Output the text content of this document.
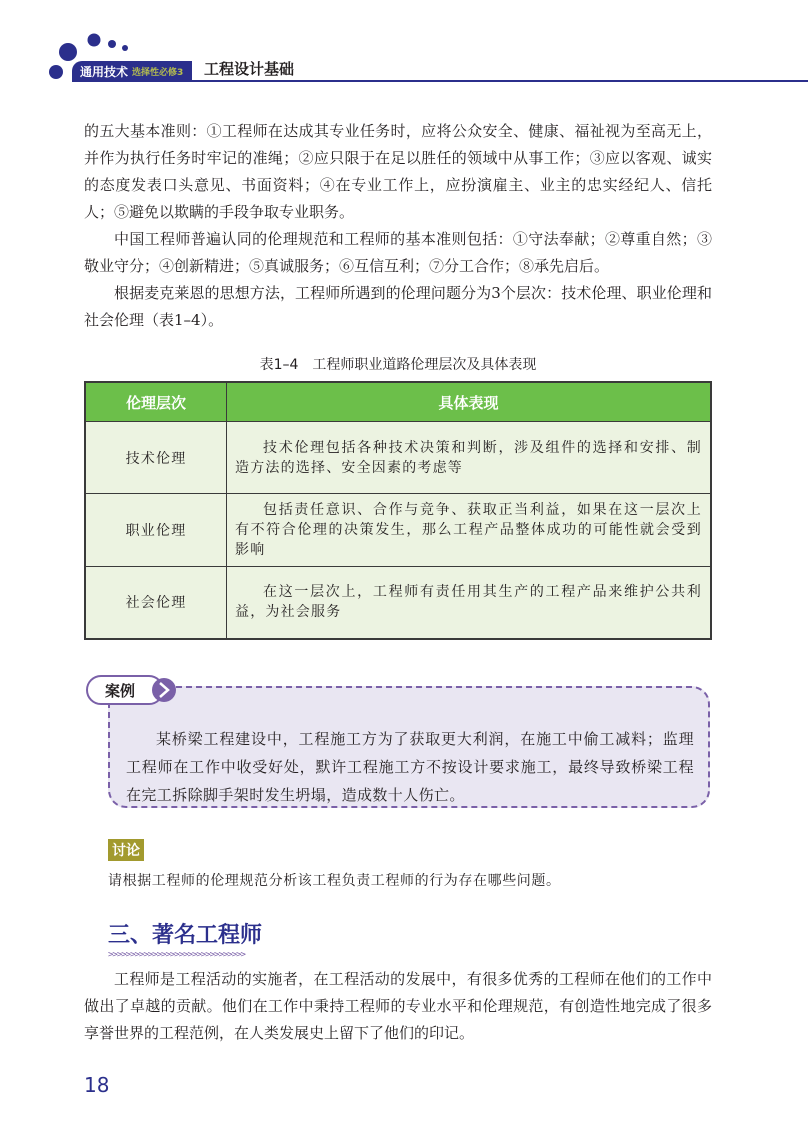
通用技术 选择性必修3 工程设计基础

的五大基本准则：①工程师在达成其专业任务时，应将公众安全、健康、福祉视为至高无上，并作为执行任务时牢记的准绳；②应只限于在足以胜任的领域中从事工作；③应以客观、诚实的态度发表口头意见、书面资料；④在专业工作上，应扮演雇主、业主的忠实经纪人、信托人；⑤避免以欺瞒的手段争取专业职务。

中国工程师普遍认同的伦理规范和工程师的基本准则包括：①守法奉献；②尊重自然；③敬业守分；④创新精进；⑤真诚服务；⑥互信互利；⑦分工合作；⑧承先启后。

根据麦克莱恩的思想方法，工程师所遇到的伦理问题分为3个层次：技术伦理、职业伦理和社会伦理（表1–4）。

表1–4　工程师职业道路伦理层次及具体表现
伦理层次	具体表现
技术伦理	技术伦理包括各种技术决策和判断，涉及组件的选择和安排、制造方法的选择、安全因素的考虑等
职业伦理	包括责任意识、合作与竞争、获取正当利益，如果在这一层次上有不符合伦理的决策发生，那么工程产品整体成功的可能性就会受到影响
社会伦理	在这一层次上，工程师有责任用其生产的工程产品来维护公共利益，为社会服务
案例

某桥梁工程建设中，工程施工方为了获取更大利润，在施工中偷工减料；监理工程师在工作中收受好处，默许工程施工方不按设计要求施工，最终导致桥梁工程在完工拆除脚手架时发生坍塌，造成数十人伤亡。

讨论
请根据工程师的伦理规范分析该工程负责工程师的行为存在哪些问题。
三、著名工程师
>>>>>>>>>>>>>>>>>>>>>>>>>>>>>>>

工程师是工程活动的实施者，在工程活动的发展中，有很多优秀的工程师在他们的工作中做出了卓越的贡献。他们在工作中秉持工程师的专业水平和伦理规范，有创造性地完成了很多享誉世界的工程范例，在人类发展史上留下了他们的印记。

18
